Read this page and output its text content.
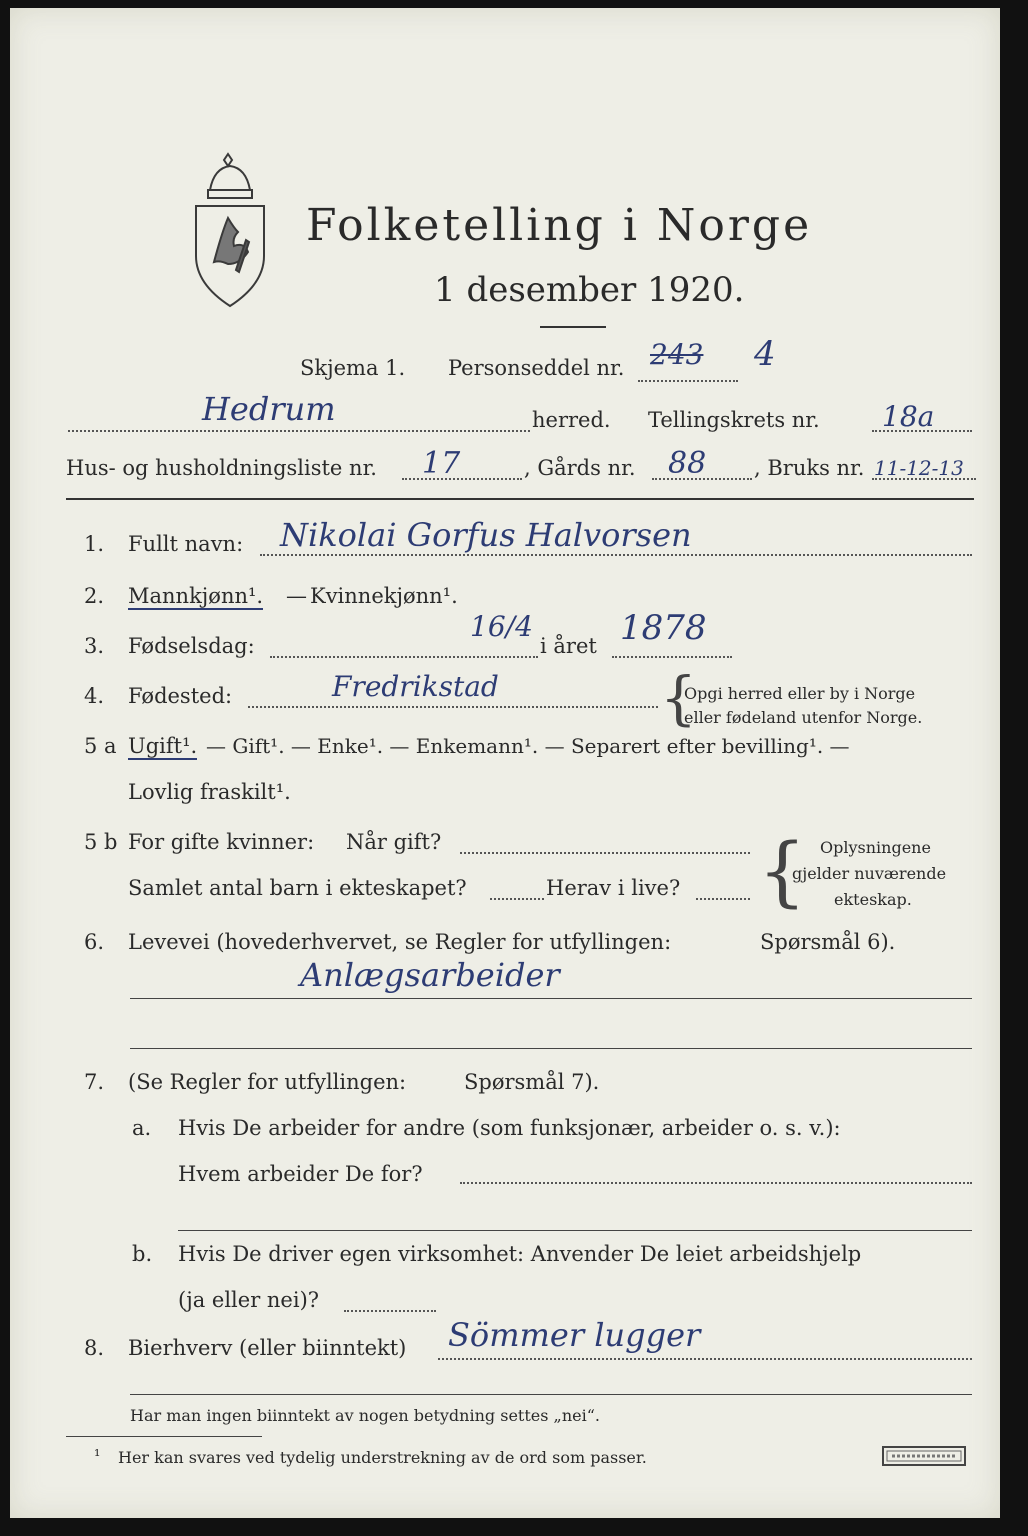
Folketelling i Norge
1 desember 1920.
Skjema 1. Personseddel nr. 243 4
Hedrum	herred. Tellingskrets nr. 18a
Hus- og husholdningsliste nr. 17	, Gårds nr. 88 , Bruks nr. 11-12-13
1. Fullt navn: Nikolai Gorfus Halvorsen
2. Mannkjønn¹. — Kvinnekjønn¹.
3. Fødselsdag:
16/4
i året 1878
4. Fødested:	Fredrikstad	{
Opgi herred eller by i Norge
eller fødeland utenfor Norge.
5 a Ugift¹. — Gift¹. — Enke¹. — Enkemann¹. — Separert efter bevilling¹. —
Lovlig fraskilt¹.
5 b For gifte kvinner: Når gift?
Samlet antal barn i ekteskapet?	Herav i live? { Oplysningene
gjelder nuværende
ekteskap.
6. Levevei (hovederhvervet, se Regler for utfyllingen:	Spørsmål 6).
Anlægsarbeider
7. (Se Regler for utfyllingen:	Spørsmål 7).
a. Hvis De arbeider for andre (som funksjonær, arbeider o. s. v.):
Hvem arbeider De for?
b. Hvis De driver egen virksomhet: Anvender De leiet arbeidshjelp
(ja eller nei)?
8. Bierhverv (eller biinntekt) Sömmer lugger
Har man ingen biinntekt av nogen betydning settes „nei“.
¹ Her kan svares ved tydelig understrekning av de ord som passer.
